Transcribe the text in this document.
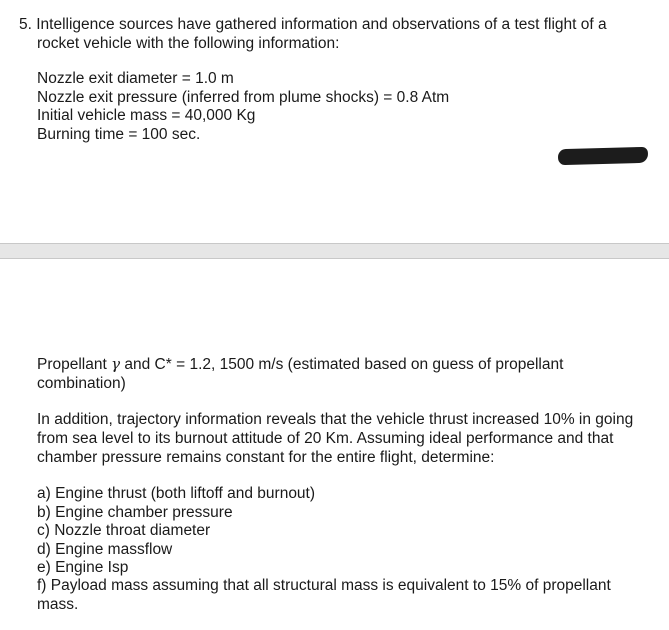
5. Intelligence sources have gathered information and observations of a test flight of a
rocket vehicle with the following information:
Nozzle exit diameter = 1.0 m
Nozzle exit pressure (inferred from plume shocks) = 0.8 Atm
Initial vehicle mass = 40,000 Kg
Burning time = 100 sec.
Propellant γ and C* = 1.2, 1500 m/s (estimated based on guess of propellant
combination)
In addition, trajectory information reveals that the vehicle thrust increased 10% in going
from sea level to its burnout attitude of 20 Km. Assuming ideal performance and that
chamber pressure remains constant for the entire flight, determine:
a) Engine thrust (both liftoff and burnout)
b) Engine chamber pressure
c) Nozzle throat diameter
d) Engine massflow
e) Engine Isp
f) Payload mass assuming that all structural mass is equivalent to 15% of propellant
mass.
